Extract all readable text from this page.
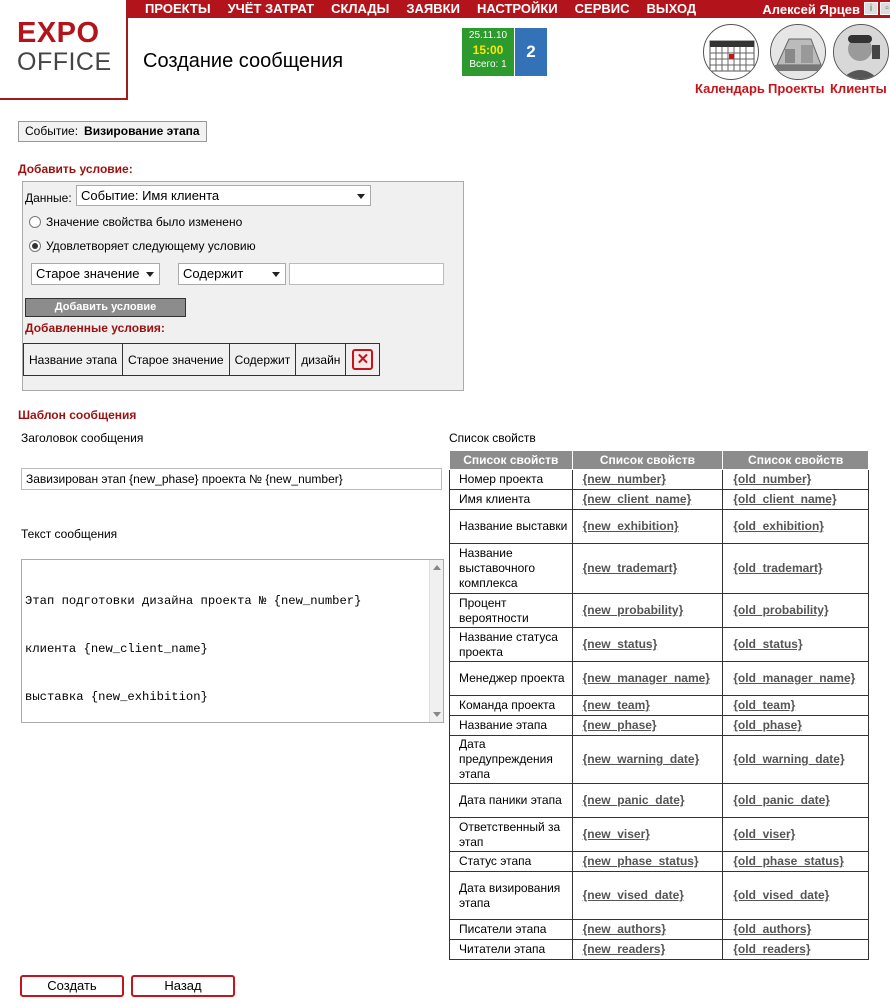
EXPO
OFFICE
ПРОЕКТЫ УЧЁТ ЗАТРАТ СКЛАДЫ ЗАЯВКИ НАСТРОЙКИ СЕРВИС ВЫХОД	Алексей Ярцев i	▫
Создание сообщения
25.11.10
15:00
Всего: 1
2
Календарь Проекты Клиенты
Событие: Визирование этапа
Добавить условие:
Данные: Событие: Имя клиента
Значение свойства было изменено
Удовлетворяет следующему условию
Старое значение	Содержит
Добавить условие
Добавленные условия:
Название этапа	Старое значение	Содержит	дизайн	✕
Шаблон сообщения
Заголовок сообщения
Завизирован этап {new_phase} проекта № {new_number}
Текст сообщения

Этап подготовки дизайна проекта № {new_number}

клиента {new_client_name}

выставка {new_exhibition}

Список свойств
Список свойств	Список свойств	Список свойств
Номер проекта	{new_number}	{old_number}
Имя клиента	{new_client_name}	{old_client_name}
Название выставки	{new_exhibition}	{old_exhibition}
Название выставочного комплекса	{new_trademart}	{old_trademart}
Процент вероятности	{new_probability}	{old_probability}
Название статуса проекта	{new_status}	{old_status}
Менеджер проекта	{new_manager_name}	{old_manager_name}
Команда проекта	{new_team}	{old_team}
Название этапа	{new_phase}	{old_phase}
Дата предупреждения этапа	{new_warning_date}	{old_warning_date}
Дата паники этапа	{new_panic_date}	{old_panic_date}
Ответственный за этап	{new_viser}	{old_viser}
Статус этапа	{new_phase_status}	{old_phase_status}
Дата визирования этапа	{new_vised_date}	{old_vised_date}
Писатели этапа	{new_authors}	{old_authors}
Читатели этапа	{new_readers}	{old_readers}
Создать	Назад
